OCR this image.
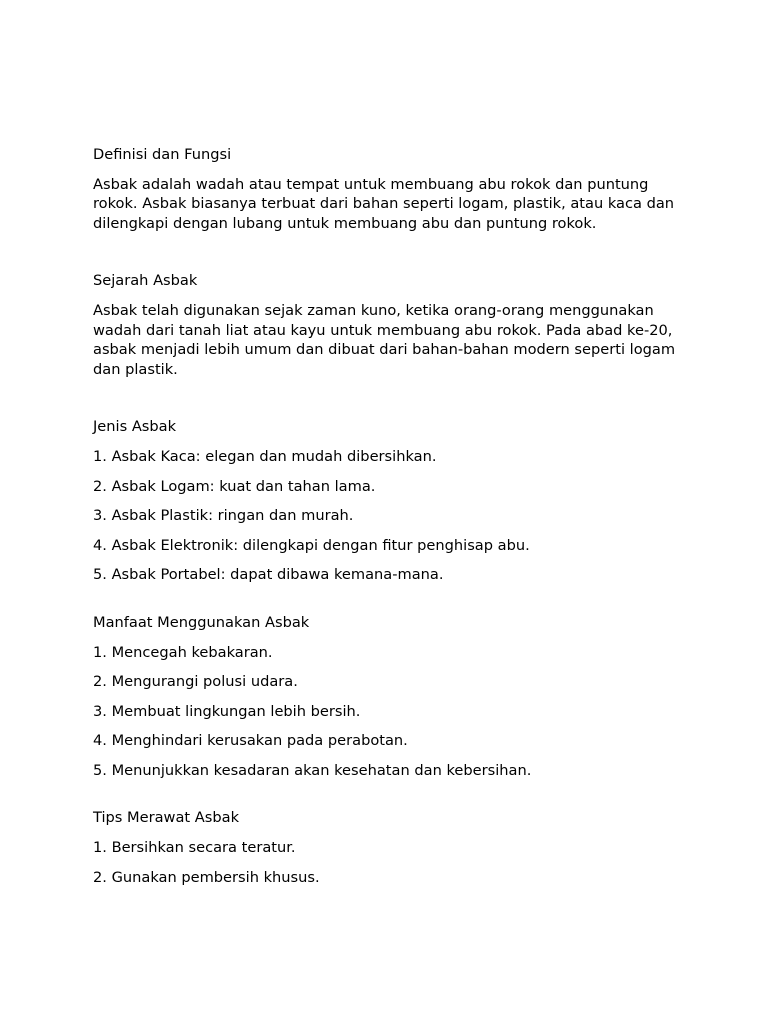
Definisi dan Fungsi

Asbak adalah wadah atau tempat untuk membuang abu rokok dan puntung rokok. Asbak biasanya terbuat dari bahan seperti logam, plastik, atau kaca dan dilengkapi dengan lubang untuk membuang abu dan puntung rokok.

Sejarah Asbak

Asbak telah digunakan sejak zaman kuno, ketika orang-orang menggunakan wadah dari tanah liat atau kayu untuk membuang abu rokok. Pada abad ke-20, asbak menjadi lebih umum dan dibuat dari bahan-bahan modern seperti logam dan plastik.

Jenis Asbak

1. Asbak Kaca: elegan dan mudah dibersihkan.

2. Asbak Logam: kuat dan tahan lama.

3. Asbak Plastik: ringan dan murah.

4. Asbak Elektronik: dilengkapi dengan fitur penghisap abu.

5. Asbak Portabel: dapat dibawa kemana-mana.

Manfaat Menggunakan Asbak

1. Mencegah kebakaran.

2. Mengurangi polusi udara.

3. Membuat lingkungan lebih bersih.

4. Menghindari kerusakan pada perabotan.

5. Menunjukkan kesadaran akan kesehatan dan kebersihan.

Tips Merawat Asbak

1. Bersihkan secara teratur.

2. Gunakan pembersih khusus.
